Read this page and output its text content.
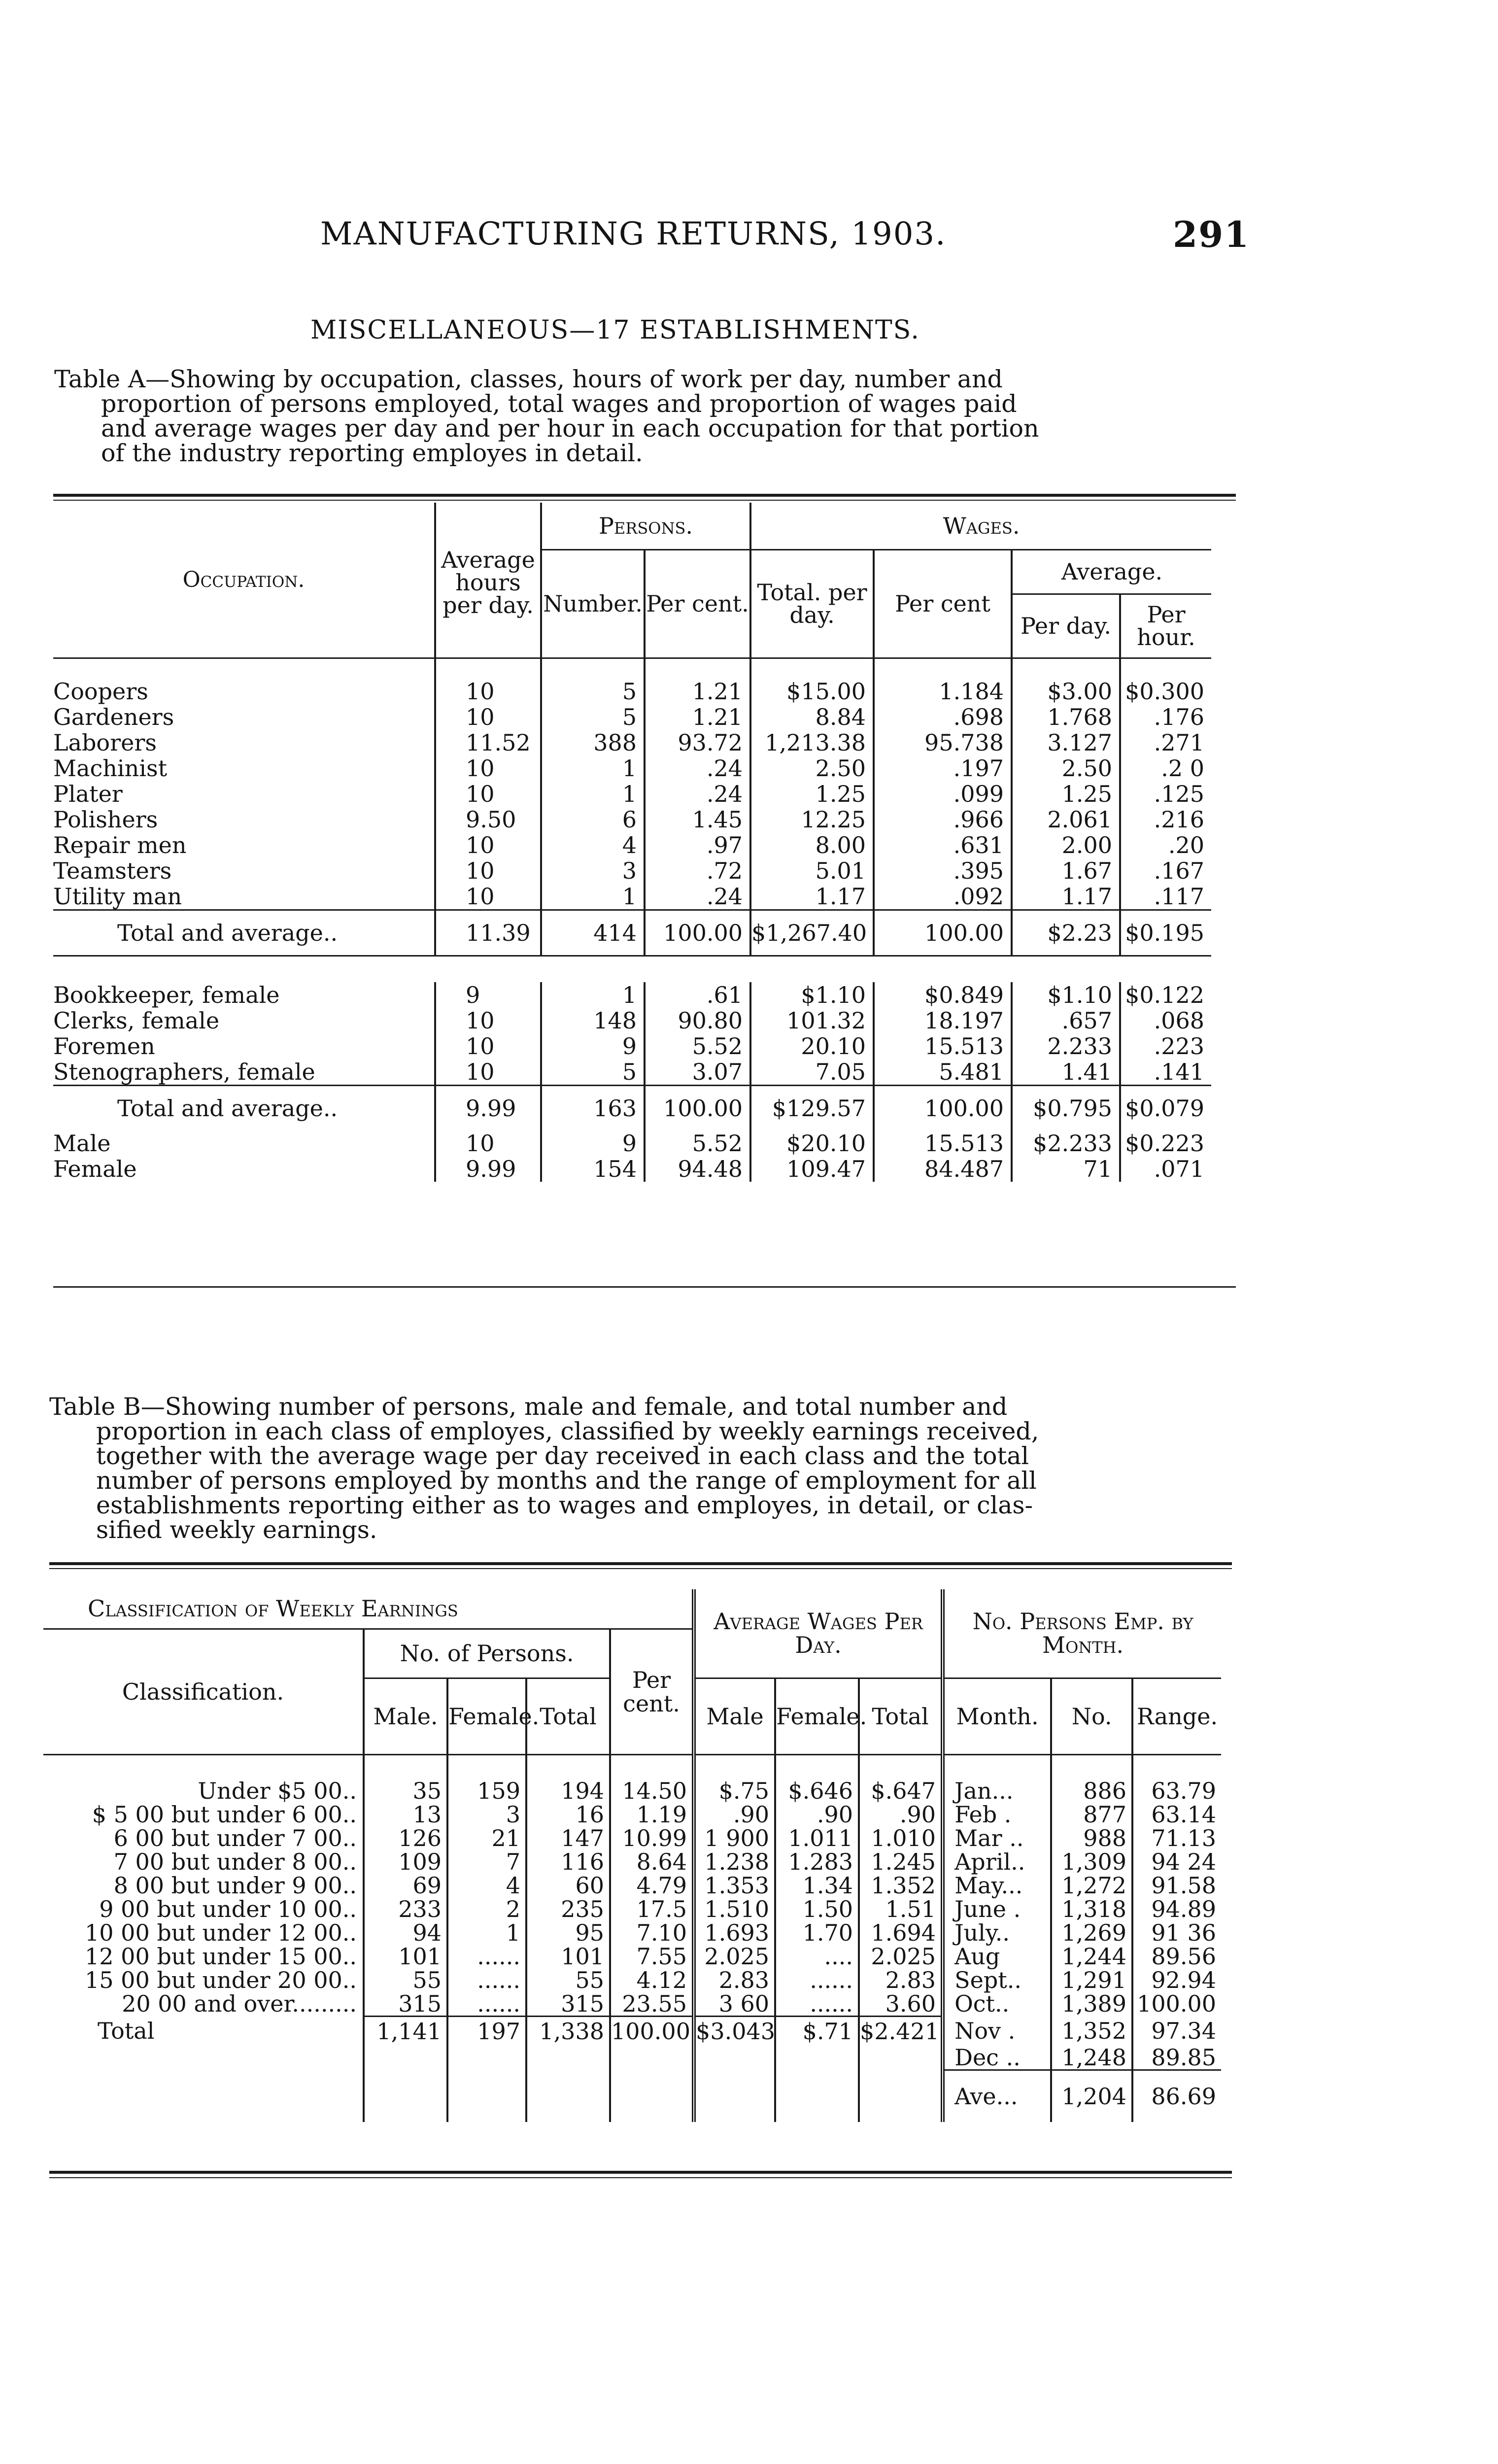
MANUFACTURING RETURNS, 1903.	291
MISCELLANEOUS—17 ESTABLISHMENTS.
Table A—Showing by occupation, classes, hours of work per day, number and
proportion of persons employed, total wages and proportion of wages paid
and average wages per day and per hour in each occupation for that portion
of the industry reporting employes in detail.
Occupation.	Average hours per day.	Persons.		Wages.			
		Number.	Per cent.	Total. per day.	Per cent	Average.	
						Per day.	Per hour.

Coopers	10	5	1.21	$15.00	1.184	$3.00	$0.300
Gardeners	10	5	1.21	8.84	.698	1.768	.176
Laborers	11.52	388	93.72	1,213.38	95.738	3.127	.271
Machinist	10	1	.24	2.50	.197	2.50	.2 0
Plater	10	1	.24	1.25	.099	1.25	.125
Polishers	9.50	6	1.45	12.25	.966	2.061	.216
Repair men	10	4	.97	8.00	.631	2.00	.20
Teamsters	10	3	.72	5.01	.395	1.67	.167
Utility man	10	1	.24	1.17	.092	1.17	.117
Total and average..	11.39	414	100.00	$1,267.40	100.00	$2.23	$0.195

Bookkeeper, female	9	1	.61	$1.10	$0.849	$1.10	$0.122
Clerks, female	10	148	90.80	101.32	18.197	.657	.068
Foremen	10	9	5.52	20.10	15.513	2.233	.223
Stenographers, female	10	5	3.07	7.05	5.481	1.41	.141
Total and average..	9.99	163	100.00	$129.57	100.00	$0.795	$0.079
Male	10	9	5.52	$20.10	15.513	$2.233	$0.223
Female	9.99	154	94.48	109.47	84.487	71	.071
Table B—Showing number of persons, male and female, and total number and
proportion in each class of employes, classified by weekly earnings received,
together with the average wage per day received in each class and the total
number of persons employed by months and the range of employment for all
establishments reporting either as to wages and employes, in detail, or clas-
sified weekly earnings.
Classification of Weekly Earnings					Average Wages Per Day.			No. Persons Emp. by Month.		
Classification.	No. of Persons.			Per cent.						
	Male.	Female.	Total		Male	Female.	Total	Month.	No.	Range.

Under $5 00..	35	159	194	14.50	$.75	$.646	$.647	Jan...	886	63.79
$ 5 00 but under 6 00..	13	3	16	1.19	.90	.90	.90	Feb .	877	63.14
6 00 but under 7 00..	126	21	147	10.99	1 900	1.011	1.010	Mar ..	988	71.13
7 00 but under 8 00..	109	7	116	8.64	1.238	1.283	1.245	April..	1,309	94 24
8 00 but under 9 00..	69	4	60	4.79	1.353	1.34	1.352	May...	1,272	91.58
9 00 but under 10 00..	233	2	235	17.5	1.510	1.50	1.51	June .	1,318	94.89
10 00 but under 12 00..	94	1	95	7.10	1.693	1.70	1.694	July..	1,269	91 36
12 00 but under 15 00..	101	......	101	7.55	2.025	....	2.025	Aug	1,244	89.56
15 00 but under 20 00..	55	......	55	4.12	2.83	......	2.83	Sept..	1,291	92.94
20 00 and over.........	315	......	315	23.55	3 60	......	3.60	Oct..	1,389	100.00
Total	1,141	197	1,338	100.00	$3.043	$.71	$2.421	Nov .	1,352	97.34
								Dec ..	1,248	89.85
								Ave...	1,204	86.69
